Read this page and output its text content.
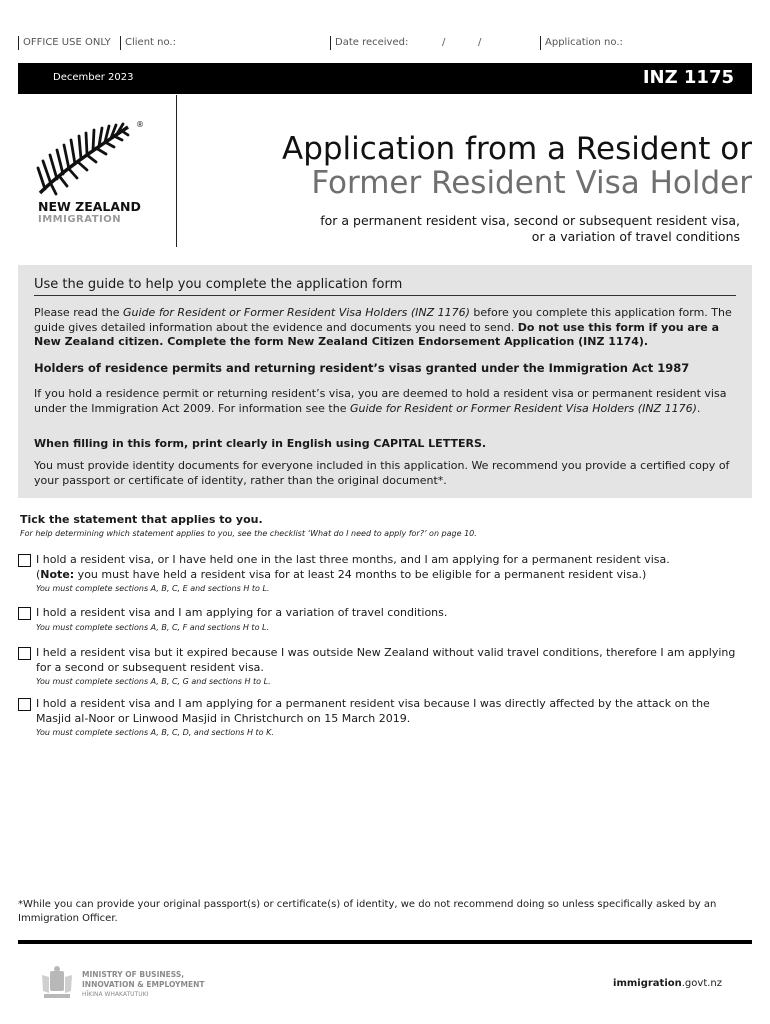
OFFICE USE ONLY	Client no.:	Date received:	/	/	Application no.:
December 2023	INZ 1175
®
NEW ZEALAND
IMMIGRATION
Application from a Resident or
Former Resident Visa Holder
for a permanent resident visa, second or subsequent resident visa, or a variation of travel conditions
Use the guide to help you complete the application form
Please read the Guide for Resident or Former Resident Visa Holders (INZ 1176) before you complete this application form. The guide gives detailed information about the evidence and documents you need to send. Do not use this form if you are a New Zealand citizen. Complete the form New Zealand Citizen Endorsement Application (INZ 1174).
Holders of residence permits and returning resident’s visas granted under the Immigration Act 1987
If you hold a residence permit or returning resident’s visa, you are deemed to hold a resident visa or permanent resident visa under the Immigration Act 2009. For information see the Guide for Resident or Former Resident Visa Holders (INZ 1176).
When filling in this form, print clearly in English using CAPITAL LETTERS.
You must provide identity documents for everyone included in this application. We recommend you provide a certified copy of your passport or certificate of identity, rather than the original document*.
Tick the statement that applies to you.
For help determining which statement applies to you, see the checklist ‘What do I need to apply for?’ on page 10.
I hold a resident visa, or I have held one in the last three months, and I am applying for a permanent resident visa.
(Note: you must have held a resident visa for at least 24 months to be eligible for a permanent resident visa.)
You must complete sections A, B, C, E and sections H to L.
I hold a resident visa and I am applying for a variation of travel conditions.
You must complete sections A, B, C, F and sections H to L.
I held a resident visa but it expired because I was outside New Zealand without valid travel conditions, therefore I am applying for a second or subsequent resident visa.
You must complete sections A, B, C, G and sections H to L.
I hold a resident visa and I am applying for a permanent resident visa because I was directly affected by the attack on the Masjid al-Noor or Linwood Masjid in Christchurch on 15 March 2019.
You must complete sections A, B, C, D, and sections H to K.
*While you can provide your original passport(s) or certificate(s) of identity, we do not recommend doing so unless specifically asked by an Immigration Officer.
MINISTRY OF BUSINESS,
INNOVATION & EMPLOYMENT
HĪKINA WHAKATUTUKI
immigration.govt.nz
